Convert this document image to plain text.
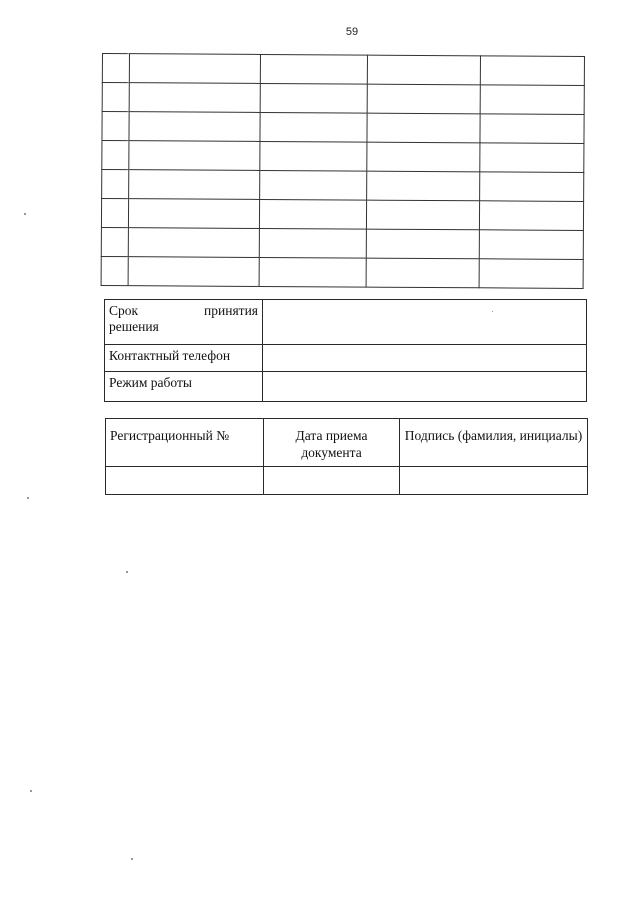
59

Срок принятия
решения	

Контактный телефон	
Режим работы	
Регистрационный №	Дата приема документа	Подпись (фамилия, инициалы)
